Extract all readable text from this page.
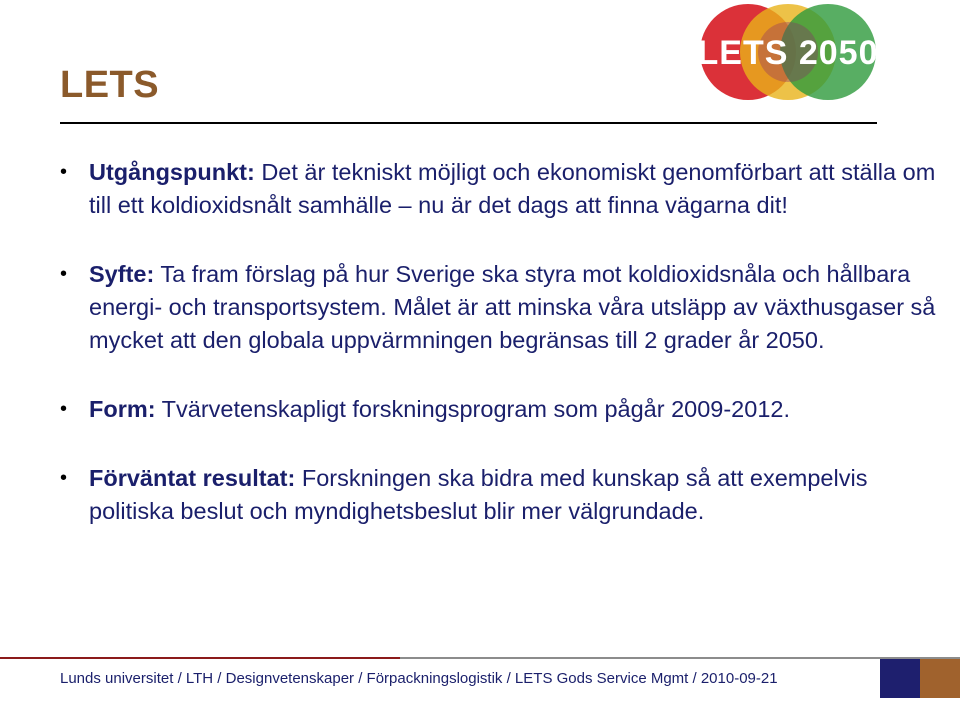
LETS
LETS 2050
• Utgångspunkt: Det är tekniskt möjligt och ekonomiskt genomförbart att ställa om till ett koldioxidsnålt samhälle – nu är det dags att finna vägarna dit!
• Syfte: Ta fram förslag på hur Sverige ska styra mot koldioxidsnåla och hållbara energi- och transportsystem. Målet är att minska våra utsläpp av växthusgaser så mycket att den globala uppvärmningen begränsas till 2 grader år 2050.
• Form: Tvärvetenskapligt forskningsprogram som pågår 2009-2012.
• Förväntat resultat: Forskningen ska bidra med kunskap så att exempelvis politiska beslut och myndighetsbeslut blir mer välgrundade.
Lunds universitet / LTH / Designvetenskaper / Förpackningslogistik / LETS Gods Service Mgmt / 2010-09-21
